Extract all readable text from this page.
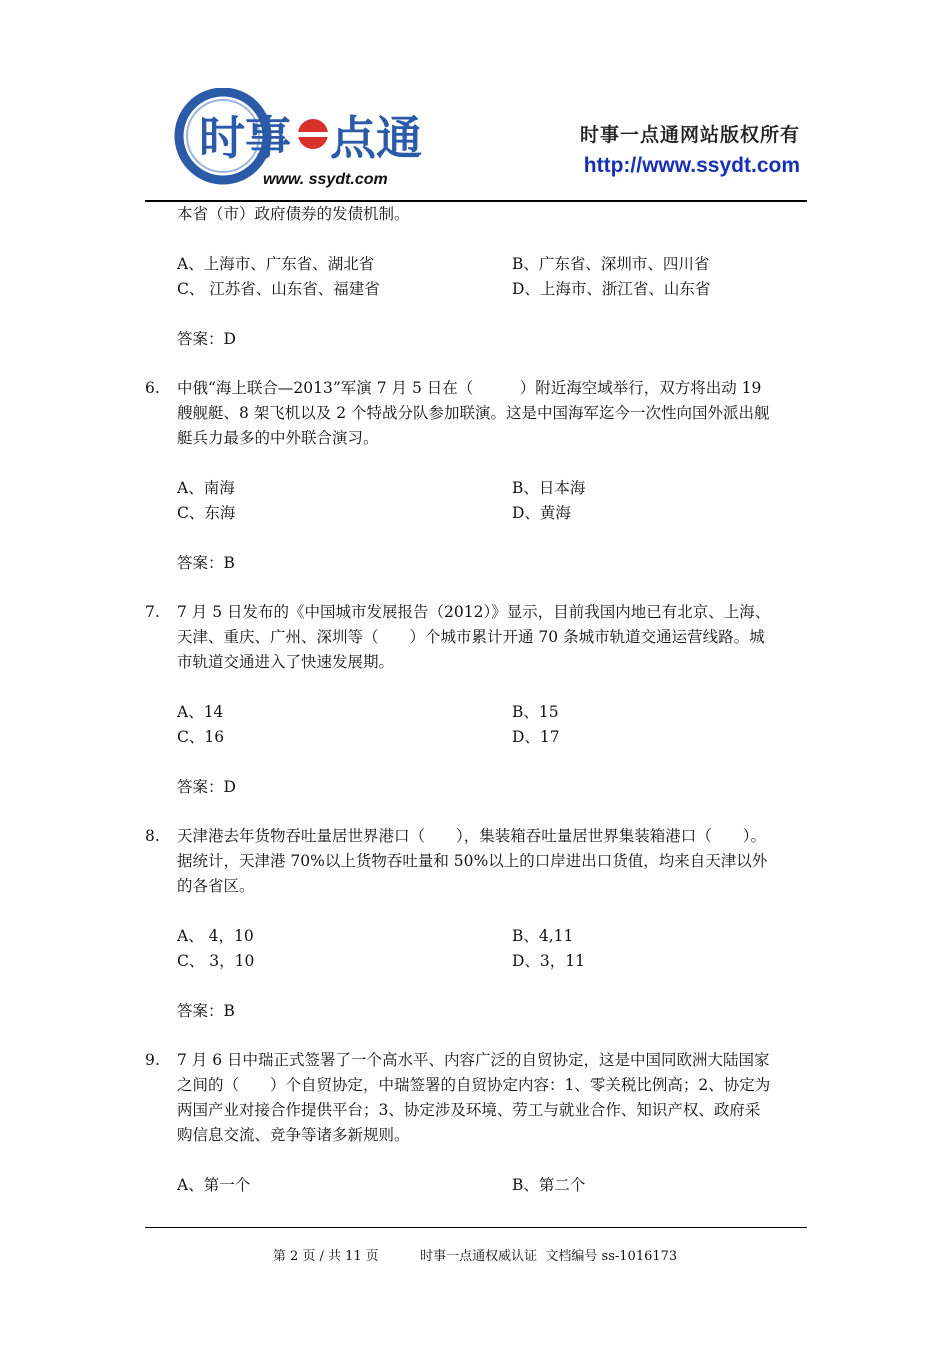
时事 点通
www. ssydt.com
时事一点通网站版权所有
http://www.ssydt.com
本省（市）政府债券的发债机制。
A、上海市、广东省、湖北省	B、广东省、深圳市、四川省
C、 江苏省、山东省、福建省	D、上海市、浙江省、山东省
答案：D
6. 中俄“海上联合—2013”军演 7 月 5 日在（　　　）附近海空域举行，双方将出动 19
艘舰艇、8 架飞机以及 2 个特战分队参加联演。这是中国海军迄今一次性向国外派出舰
艇兵力最多的中外联合演习。
A、南海	B、日本海
C、东海	D、黄海
答案：B
7. 7 月 5 日发布的《中国城市发展报告（2012）》显示，目前我国内地已有北京、上海、
天津、重庆、广州、深圳等（　　）个城市累计开通 70 条城市轨道交通运营线路。城
市轨道交通进入了快速发展期。
A、14	B、15
C、16	D、17
答案：D
8. 天津港去年货物吞吐量居世界港口（　　），集装箱吞吐量居世界集装箱港口（　　）。
据统计，天津港 70%以上货物吞吐量和 50%以上的口岸进出口货值，均来自天津以外
的各省区。
A、 4，10	B、4,11
C、 3，10	D、3，11
答案：B
9. 7 月 6 日中瑞正式签署了一个高水平、内容广泛的自贸协定，这是中国同欧洲大陆国家
之间的（　　）个自贸协定，中瑞签署的自贸协定内容：1、零关税比例高；2、协定为
两国产业对接合作提供平台；3、协定涉及环境、劳工与就业合作、知识产权、政府采
购信息交流、竞争等诸多新规则。
A、第一个	B、第二个
第 2 页 / 共 11 页	时事一点通权威认证  文档编号 ss-1016173
